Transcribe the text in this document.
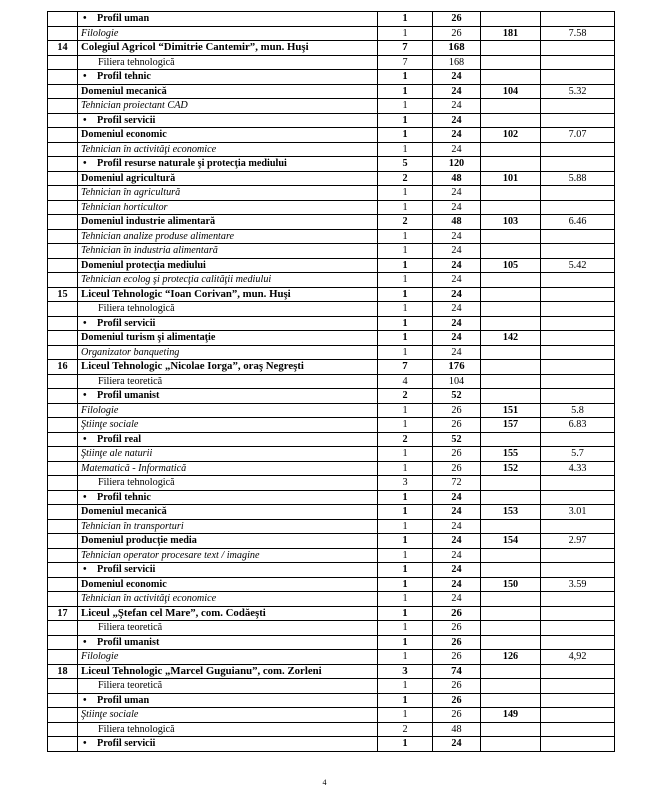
	• Profil uman	1	26		
	Filologie	1	26	181	7.58
14	Colegiul Agricol “Dimitrie Cantemir”, mun. Huşi	7	168		
	Filiera tehnologică	7	168		
	• Profil tehnic	1	24		
	Domeniul mecanică	1	24	104	5.32
	Tehnician proiectant CAD	1	24		
	• Profil servicii	1	24		
	Domeniul economic	1	24	102	7.07
	Tehnician în activităţi economice	1	24		
	• Profil resurse naturale şi protecţia mediului	5	120		
	Domeniul agricultură	2	48	101	5.88
	Tehnician în agricultură	1	24		
	Tehnician horticultor	1	24		
	Domeniul industrie alimentară	2	48	103	6.46
	Tehnician analize produse alimentare	1	24		
	Tehnician în industria alimentară	1	24		
	Domeniul protecţia mediului	1	24	105	5.42
	Tehnician ecolog şi protecţia calităţii mediului	1	24		
15	Liceul Tehnologic “Ioan Corivan”, mun. Huşi	1	24		
	Filiera tehnologică	1	24		
	• Profil servicii	1	24		
	Domeniul turism şi alimentaţie	1	24	142	
	Organizator banqueting	1	24		
16	Liceul Tehnologic „Nicolae Iorga”, oraş Negreşti	7	176		
	Filiera teoretică	4	104		
	• Profil umanist	2	52		
	Filologie	1	26	151	5.8
	Ştiinţe sociale	1	26	157	6.83
	• Profil real	2	52		
	Ştiinţe ale naturii	1	26	155	5.7
	Matematică - Informatică	1	26	152	4.33
	Filiera tehnologică	3	72		
	• Profil tehnic	1	24		
	Domeniul mecanică	1	24	153	3.01
	Tehnician în transporturi	1	24		
	Domeniul producţie media	1	24	154	2.97
	Tehnician operator procesare text / imagine	1	24		
	• Profil servicii	1	24		
	Domeniul economic	1	24	150	3.59
	Tehnician în activităţi economice	1	24		
17	Liceul „Ştefan cel Mare”, com. Codăeşti	1	26		
	Filiera teoretică	1	26		
	• Profil umanist	1	26		
	Filologie	1	26	126	4,92
18	Liceul Tehnologic „Marcel Guguianu”, com. Zorleni	3	74		
	Filiera teoretică	1	26		
	• Profil uman	1	26		
	Ştiinţe sociale	1	26	149	
	Filiera tehnologică	2	48		
	• Profil servicii	1	24		
4
